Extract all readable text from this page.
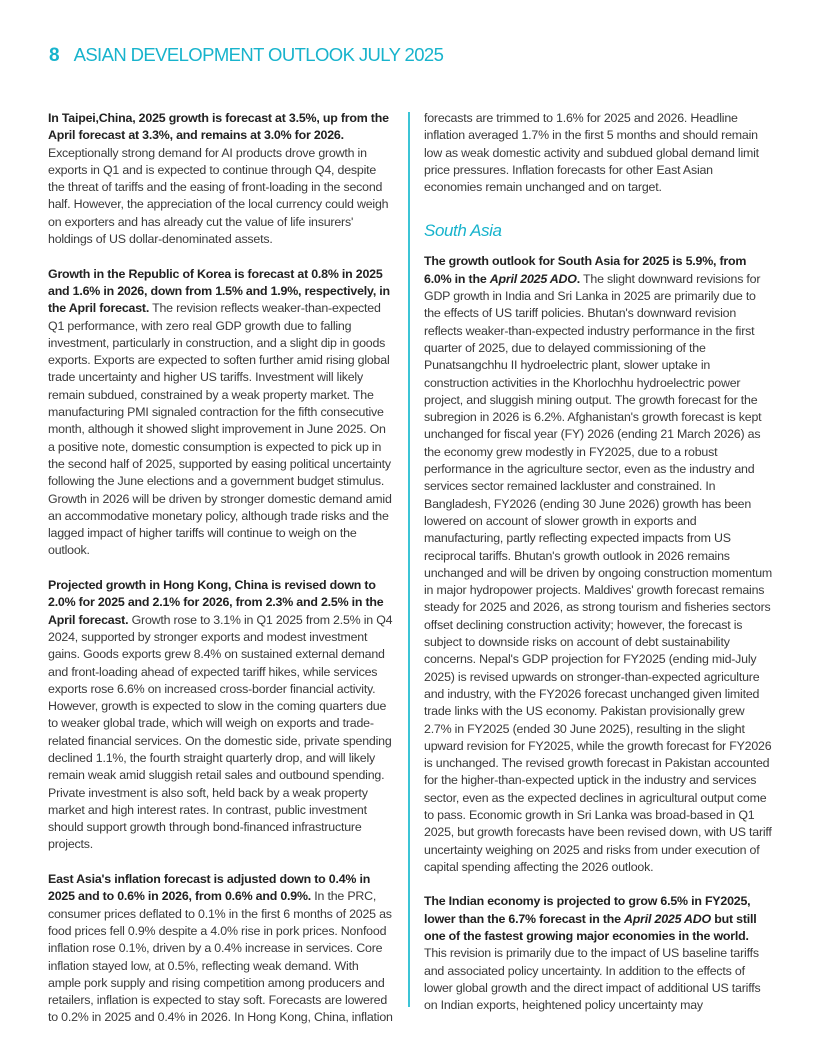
8 ASIAN DEVELOPMENT OUTLOOK JULY 2025

In Taipei,China, 2025 growth is forecast at 3.5%, up from the April forecast at 3.3%, and remains at 3.0% for 2026. Exceptionally strong demand for AI products drove growth in exports in Q1 and is expected to continue through Q4, despite the threat of tariffs and the easing of front-loading in the second half. However, the appreciation of the local currency could weigh on exporters and has already cut the value of life insurers' holdings of US dollar-denominated assets.

Growth in the Republic of Korea is forecast at 0.8% in 2025 and 1.6% in 2026, down from 1.5% and 1.9%, respectively, in the April forecast. The revision reflects weaker-than-expected Q1 performance, with zero real GDP growth due to falling investment, particularly in construction, and a slight dip in goods exports. Exports are expected to soften further amid rising global trade uncertainty and higher US tariffs. Investment will likely remain subdued, constrained by a weak property market. The manufacturing PMI signaled contraction for the fifth consecutive month, although it showed slight improvement in June 2025. On a positive note, domestic consumption is expected to pick up in the second half of 2025, supported by easing political uncertainty following the June elections and a government budget stimulus. Growth in 2026 will be driven by stronger domestic demand amid an accommodative monetary policy, although trade risks and the lagged impact of higher tariffs will continue to weigh on the outlook.

Projected growth in Hong Kong, China is revised down to 2.0% for 2025 and 2.1% for 2026, from 2.3% and 2.5% in the April forecast. Growth rose to 3.1% in Q1 2025 from 2.5% in Q4 2024, supported by stronger exports and modest investment gains. Goods exports grew 8.4% on sustained external demand and front-loading ahead of expected tariff hikes, while services exports rose 6.6% on increased cross-border financial activity. However, growth is expected to slow in the coming quarters due to weaker global trade, which will weigh on exports and trade-related financial services. On the domestic side, private spending declined 1.1%, the fourth straight quarterly drop, and will likely remain weak amid sluggish retail sales and outbound spending. Private investment is also soft, held back by a weak property market and high interest rates. In contrast, public investment should support growth through bond-financed infrastructure projects.

East Asia's inflation forecast is adjusted down to 0.4% in 2025 and to 0.6% in 2026, from 0.6% and 0.9%. In the PRC, consumer prices deflated to 0.1% in the first 6 months of 2025 as food prices fell 0.9% despite a 4.0% rise in pork prices. Nonfood inflation rose 0.1%, driven by a 0.4% increase in services. Core inflation stayed low, at 0.5%, reflecting weak demand. With ample pork supply and rising competition among producers and retailers, inflation is expected to stay soft. Forecasts are lowered to 0.2% in 2025 and 0.4% in 2026. In Hong Kong, China, inflation

forecasts are trimmed to 1.6% for 2025 and 2026. Headline inflation averaged 1.7% in the first 5 months and should remain low as weak domestic activity and subdued global demand limit price pressures. Inflation forecasts for other East Asian economies remain unchanged and on target.

South Asia

The growth outlook for South Asia for 2025 is 5.9%, from 6.0% in the April 2025 ADO. The slight downward revisions for GDP growth in India and Sri Lanka in 2025 are primarily due to the effects of US tariff policies. Bhutan's downward revision reflects weaker-than-expected industry performance in the first quarter of 2025, due to delayed commissioning of the Punatsangchhu II hydroelectric plant, slower uptake in construction activities in the Khorlochhu hydroelectric power project, and sluggish mining output. The growth forecast for the subregion in 2026 is 6.2%. Afghanistan's growth forecast is kept unchanged for fiscal year (FY) 2026 (ending 21 March 2026) as the economy grew modestly in FY2025, due to a robust performance in the agriculture sector, even as the industry and services sector remained lackluster and constrained. In Bangladesh, FY2026 (ending 30 June 2026) growth has been lowered on account of slower growth in exports and manufacturing, partly reflecting expected impacts from US reciprocal tariffs. Bhutan's growth outlook in 2026 remains unchanged and will be driven by ongoing construction momentum in major hydropower projects. Maldives' growth forecast remains steady for 2025 and 2026, as strong tourism and fisheries sectors offset declining construction activity; however, the forecast is subject to downside risks on account of debt sustainability concerns. Nepal's GDP projection for FY2025 (ending mid-July 2025) is revised upwards on stronger-than-expected agriculture and industry, with the FY2026 forecast unchanged given limited trade links with the US economy. Pakistan provisionally grew 2.7% in FY2025 (ended 30 June 2025), resulting in the slight upward revision for FY2025, while the growth forecast for FY2026 is unchanged. The revised growth forecast in Pakistan accounted for the higher-than-expected uptick in the industry and services sector, even as the expected declines in agricultural output come to pass. Economic growth in Sri Lanka was broad-based in Q1 2025, but growth forecasts have been revised down, with US tariff uncertainty weighing on 2025 and risks from under execution of capital spending affecting the 2026 outlook.

The Indian economy is projected to grow 6.5% in FY2025, lower than the 6.7% forecast in the April 2025 ADO but still one of the fastest growing major economies in the world. This revision is primarily due to the impact of US baseline tariffs and associated policy uncertainty. In addition to the effects of lower global growth and the direct impact of additional US tariffs on Indian exports, heightened policy uncertainty may
